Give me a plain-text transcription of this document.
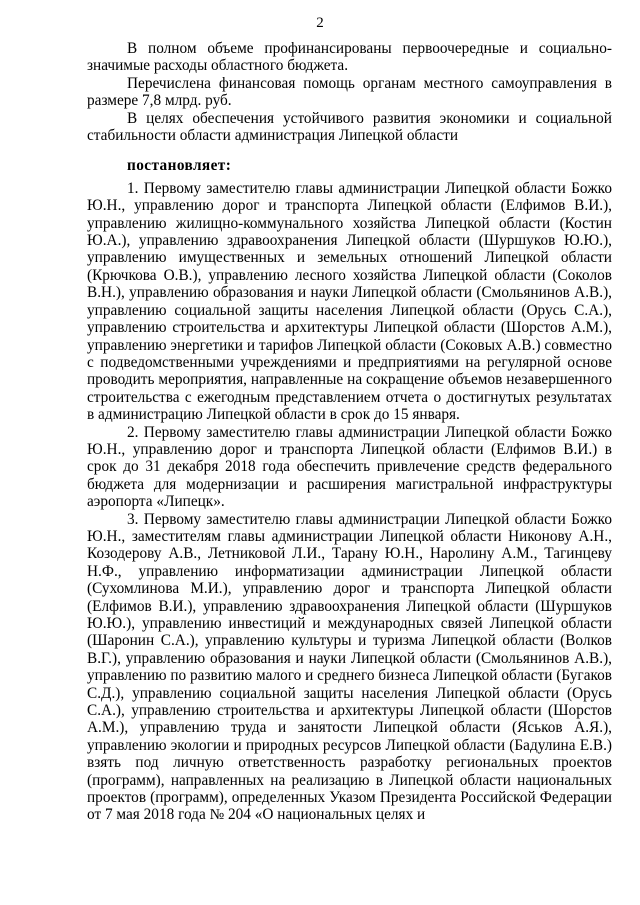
2

В полном объеме профинансированы первоочередные и социально-значимые расходы областного бюджета.

Перечислена финансовая помощь органам местного самоуправления в размере 7,8 млрд. руб.

В целях обеспечения устойчивого развития экономики и социальной стабильности области администрация Липецкой области

постановляет:

1. Первому заместителю главы администрации Липецкой области Божко Ю.Н., управлению дорог и транспорта Липецкой области (Елфимов В.И.), управлению жилищно-коммунального хозяйства Липецкой области (Костин Ю.А.), управлению здравоохранения Липецкой области (Шуршуков Ю.Ю.), управлению имущественных и земельных отношений Липецкой области (Крючкова О.В.), управлению лесного хозяйства Липецкой области (Соколов В.Н.), управлению образования и науки Липецкой области (Смольянинов А.В.), управлению социальной защиты населения Липецкой области (Орусь С.А.), управлению строительства и архитектуры Липецкой области (Шорстов А.М.), управлению энергетики и тарифов Липецкой области (Соковых А.В.) совместно с подведомственными учреждениями и предприятиями на регулярной основе проводить мероприятия, направленные на сокращение объемов незавершенного строительства с ежегодным представлением отчета о достигнутых результатах в администрацию Липецкой области в срок до 15 января.

2. Первому заместителю главы администрации Липецкой области Божко Ю.Н., управлению дорог и транспорта Липецкой области (Елфимов В.И.) в срок до 31 декабря 2018 года обеспечить привлечение средств федерального бюджета для модернизации и расширения магистральной инфраструктуры аэропорта «Липецк».

3. Первому заместителю главы администрации Липецкой области Божко Ю.Н., заместителям главы администрации Липецкой области Никонову А.Н., Козодерову А.В., Летниковой Л.И., Тарану Ю.Н., Наролину А.М., Тагинцеву Н.Ф., управлению информатизации администрации Липецкой области (Сухомлинова М.И.), управлению дорог и транспорта Липецкой области (Елфимов В.И.), управлению здравоохранения Липецкой области (Шуршуков Ю.Ю.), управлению инвестиций и международных связей Липецкой области (Шаронин С.А.), управлению культуры и туризма Липецкой области (Волков В.Г.), управлению образования и науки Липецкой области (Смольянинов А.В.), управлению по развитию малого и среднего бизнеса Липецкой области (Бугаков С.Д.), управлению социальной защиты населения Липецкой области (Орусь С.А.), управлению строительства и архитектуры Липецкой области (Шорстов А.М.), управлению труда и занятости Липецкой области (Яськов А.Я.), управлению экологии и природных ресурсов Липецкой области (Бадулина Е.В.) взять под личную ответственность разработку региональных проектов (программ), направленных на реализацию в Липецкой области национальных проектов (программ), определенных Указом Президента Российской Федерации от 7 мая 2018 года № 204 «О национальных целях и
